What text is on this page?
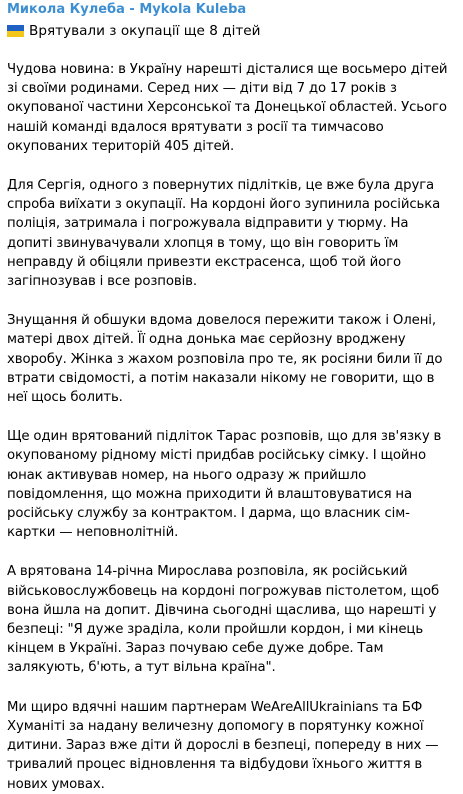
Микола Кулеба - Mykola Kuleba
Врятували з окупації ще 8 дітей

Чудова новина: в Україну нарешті дісталися ще восьмеро дітей зі своїми родинами. Серед них — діти від 7 до 17 років з окупованої частини Херсонської та Донецької областей. Усього нашій команді вдалося врятувати з росії та тимчасово окупованих територій 405 дітей.

Для Сергія, одного з повернутих підлітків, це вже була друга спроба виїхати з окупації. На кордоні його зупинила російська поліція, затримала і погрожувала відправити у тюрму. На допиті звинувачували хлопця в тому, що він говорить їм неправду й обіцяли привезти екстрасенса, щоб той його загіпнозував і все розповів.

Знущання й обшуки вдома довелося пережити також і Олені, матері двох дітей. Її одна донька має серйозну вроджену хворобу. Жінка з жахом розповіла про те, як росіяни били її до втрати свідомості, а потім наказали нікому не говорити, що в неї щось болить.

Ще один врятований підліток Тарас розповів, що для зв'язку в окупованому рідному місті придбав російську сімку. І щойно юнак активував номер, на нього одразу ж прийшло повідомлення, що можна приходити й влаштовуватися на російську службу за контрактом. І дарма, що власник сім-картки — неповнолітній.

А врятована 14-річна Мирослава розповіла, як російський військовослужбовець на кордоні погрожував пістолетом, щоб вона йшла на допит. Дівчина сьогодні щаслива, що нарешті у безпеці: "Я дуже зраділа, коли пройшли кордон, і ми кінець кінцем в Україні. Зараз почуваю себе дуже добре. Там залякують, б'ють, а тут вільна країна".

Ми щиро вдячні нашим партнерам WeAreAllUkrainians та БФ Хуманіті за надану величезну допомогу в порятунку кожної дитини. Зараз вже діти й дорослі в безпеці, попереду в них — тривалий процес відновлення та відбудови їхнього життя в нових умовах.
